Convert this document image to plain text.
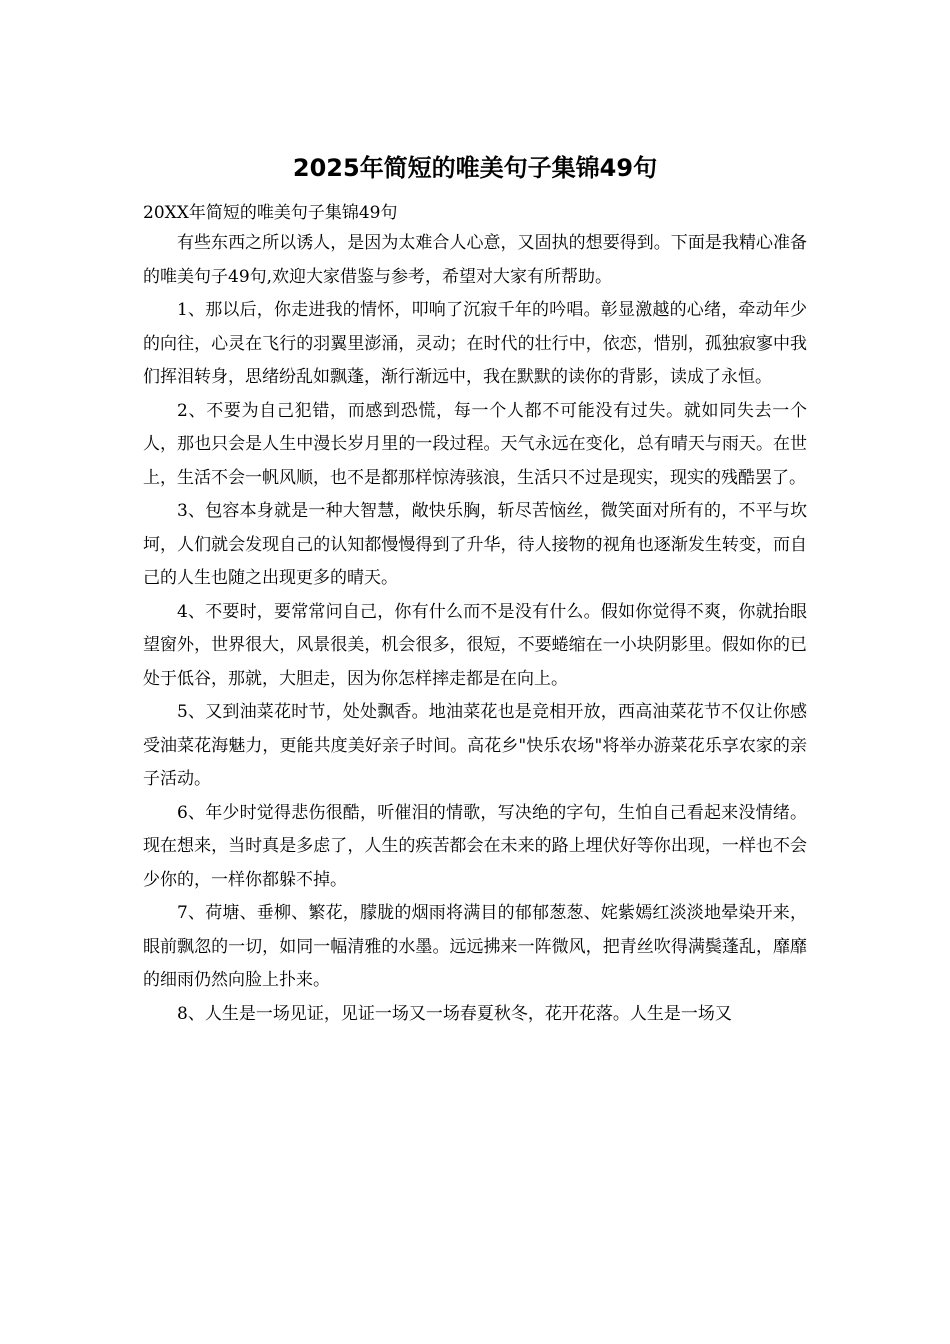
2025年简短的唯美句子集锦49句

20XX年简短的唯美句子集锦49句

有些东西之所以诱人，是因为太难合人心意，又固执的想要得到。下面是我精心准备的唯美句子49句,欢迎大家借鉴与参考，希望对大家有所帮助。

1、那以后，你走进我的情怀，叩响了沉寂千年的吟唱。彰显激越的心绪，牵动年少的向往，心灵在飞行的羽翼里澎涌，灵动；在时代的壮行中，依恋，惜别，孤独寂寥中我们挥泪转身，思绪纷乱如飘蓬，渐行渐远中，我在默默的读你的背影，读成了永恒。

2、不要为自己犯错，而感到恐慌，每一个人都不可能没有过失。就如同失去一个人，那也只会是人生中漫长岁月里的一段过程。天气永远在变化，总有晴天与雨天。在世上，生活不会一帆风顺，也不是都那样惊涛骇浪，生活只不过是现实，现实的残酷罢了。

3、包容本身就是一种大智慧，敞快乐胸，斩尽苦恼丝，微笑面对所有的，不平与坎坷，人们就会发现自己的认知都慢慢得到了升华，待人接物的视角也逐渐发生转变，而自己的人生也随之出现更多的晴天。

4、不要时，要常常问自己，你有什么而不是没有什么。假如你觉得不爽，你就抬眼望窗外，世界很大，风景很美，机会很多，很短，不要蜷缩在一小块阴影里。假如你的已处于低谷，那就，大胆走，因为你怎样摔走都是在向上。

5、又到油菜花时节，处处飘香。地油菜花也是竞相开放，西高油菜花节不仅让你感受油菜花海魅力，更能共度美好亲子时间。高花乡"快乐农场"将举办游菜花乐享农家的亲子活动。

6、年少时觉得悲伤很酷，听催泪的情歌，写决绝的字句，生怕自己看起来没情绪。现在想来，当时真是多虑了，人生的疾苦都会在未来的路上埋伏好等你出现，一样也不会少你的，一样你都躲不掉。

7、荷塘、垂柳、繁花，朦胧的烟雨将满目的郁郁葱葱、姹紫嫣红淡淡地晕染开来，眼前飘忽的一切，如同一幅清雅的水墨。远远拂来一阵微风，把青丝吹得满鬓蓬乱，靡靡的细雨仍然向脸上扑来。

8、人生是一场见证，见证一场又一场春夏秋冬，花开花落。人生是一场又
